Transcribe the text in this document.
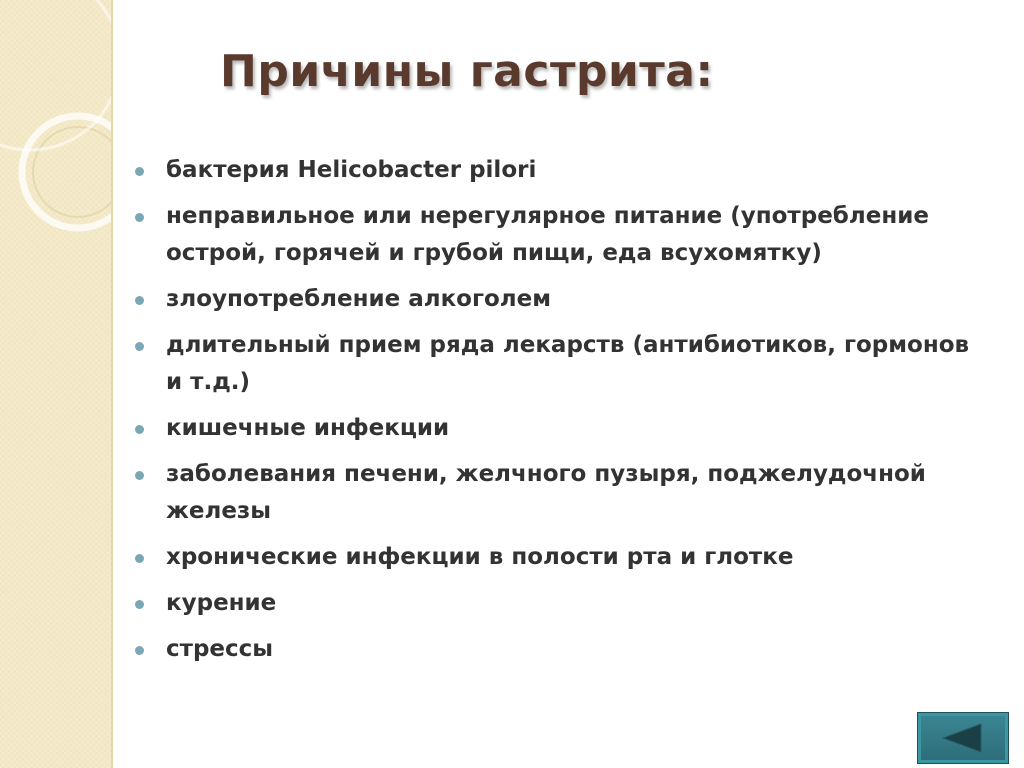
Причины гастрита:
бактерия Helicobacter pilori
неправильное или нерегулярное питание (употребление острой, горячей и грубой пищи, еда всухомятку)
злоупотребление алкоголем
длительный прием ряда лекарств (антибиотиков, гормонов и т.д.)
кишечные инфекции
заболевания печени, желчного пузыря, поджелудочной железы
хронические инфекции в полости рта и глотке
курение
стрессы
